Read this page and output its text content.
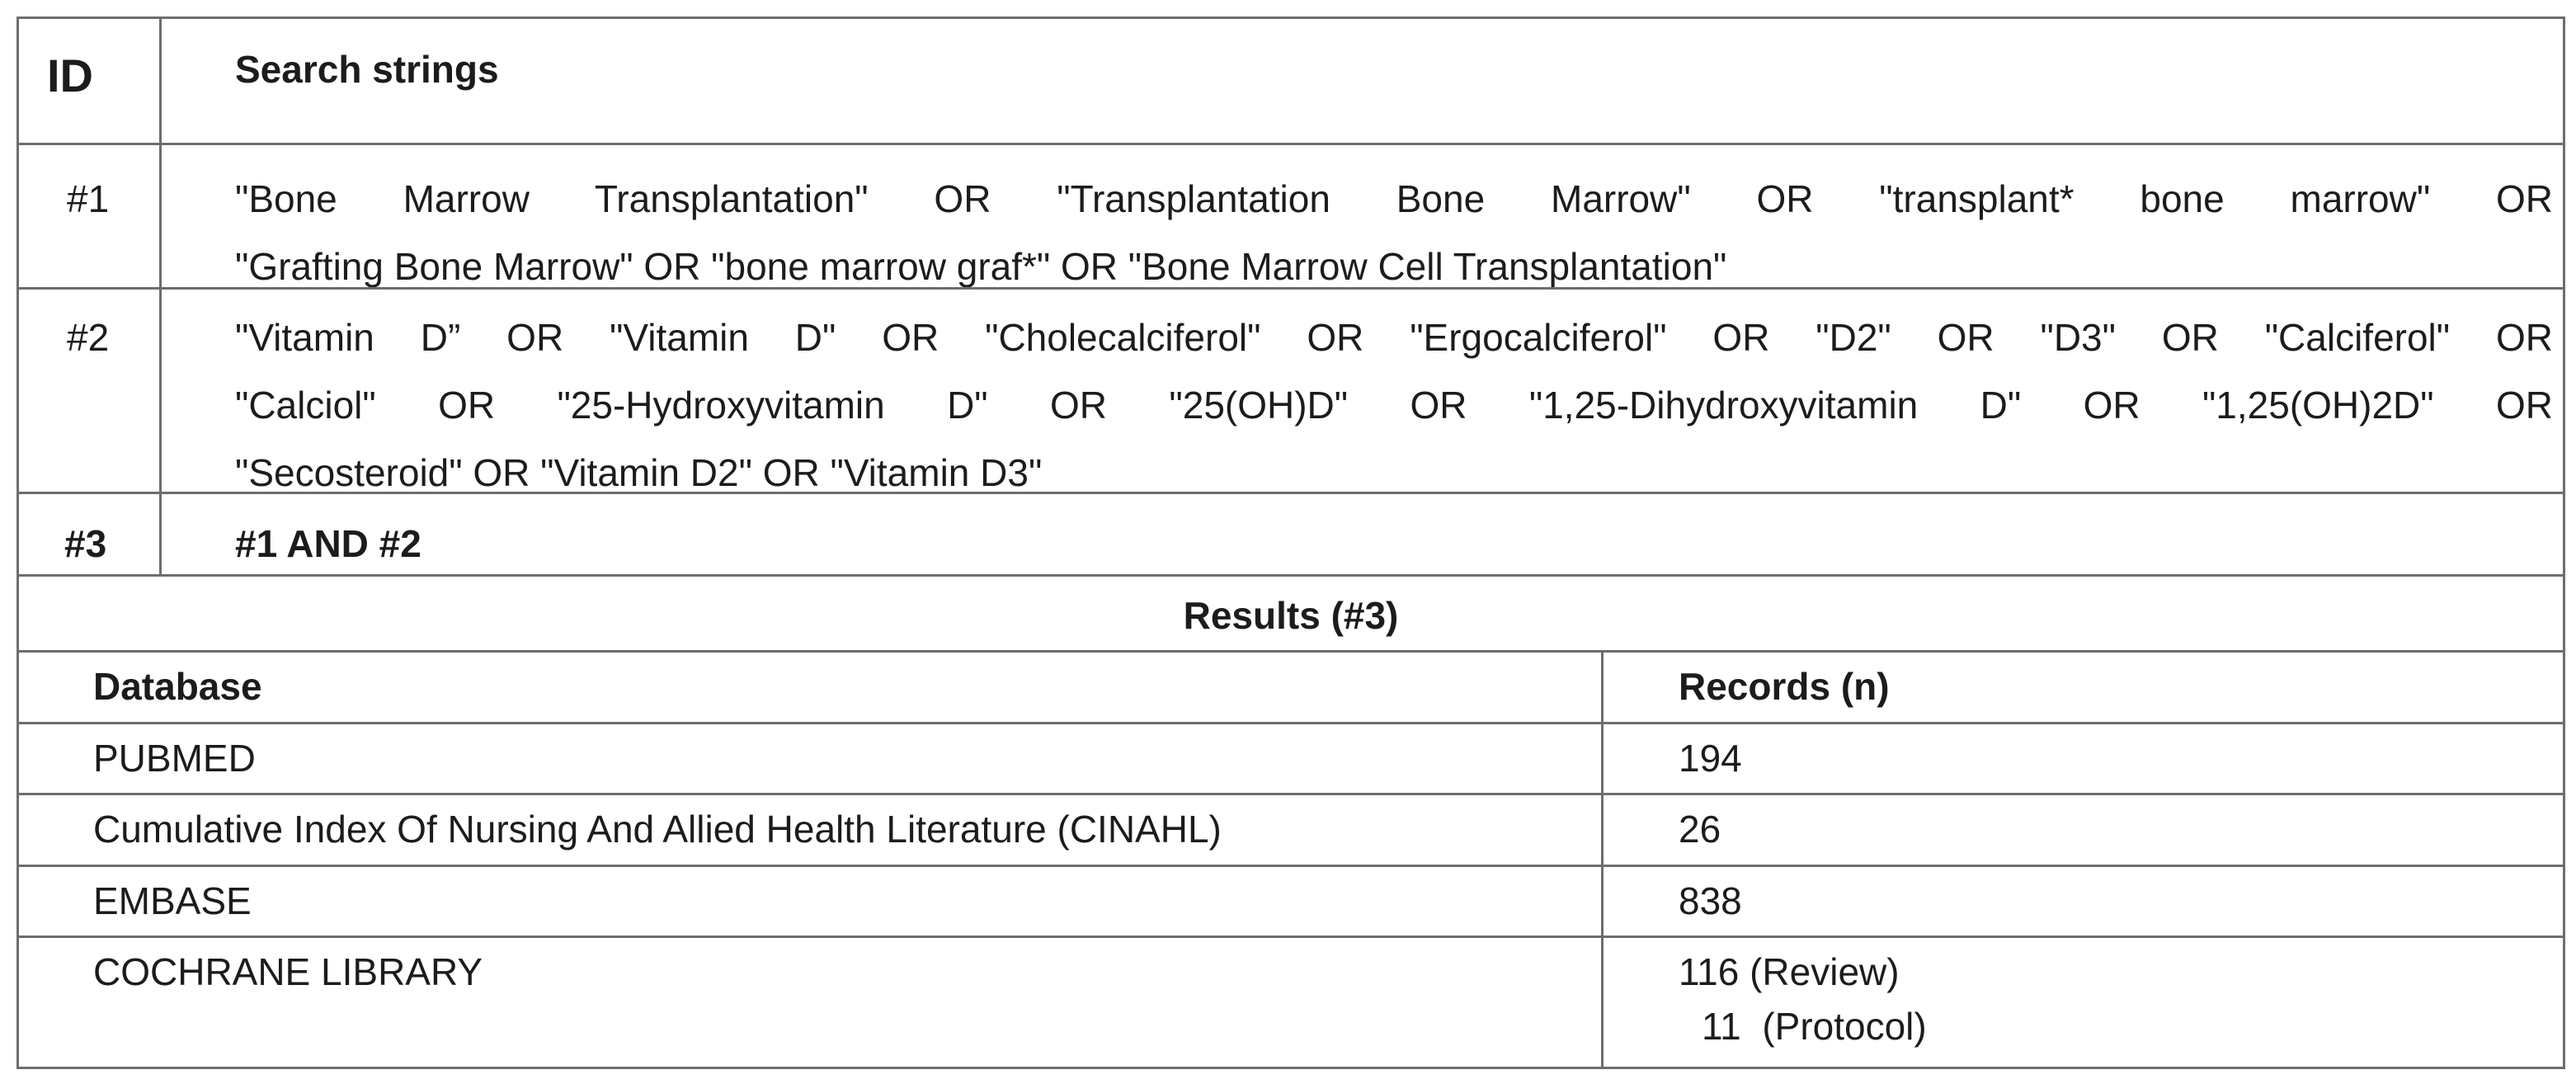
ID	Search strings
#1	"Bone Marrow Transplantation" OR "Transplantation Bone Marrow" OR "transplant* bone marrow" OR
"Grafting Bone Marrow" OR "bone marrow graf*" OR "Bone Marrow Cell Transplantation"
#2	"Vitamin D” OR "Vitamin D" OR "Cholecalciferol" OR "Ergocalciferol" OR "D2" OR "D3" OR "Calciferol" OR
"Calciol" OR "25-Hydroxyvitamin D" OR "25(OH)D" OR "1,25-Dihydroxyvitamin D" OR "1,25(OH)2D" OR
"Secosteroid" OR "Vitamin D2" OR "Vitamin D3"
#3	#1 AND #2
Results (#3)
Database	Records (n)
PUBMED	194
Cumulative Index Of Nursing And Allied Health Literature (CINAHL)	26
EMBASE	838
COCHRANE LIBRARY	116 (Review)
11  (Protocol)
